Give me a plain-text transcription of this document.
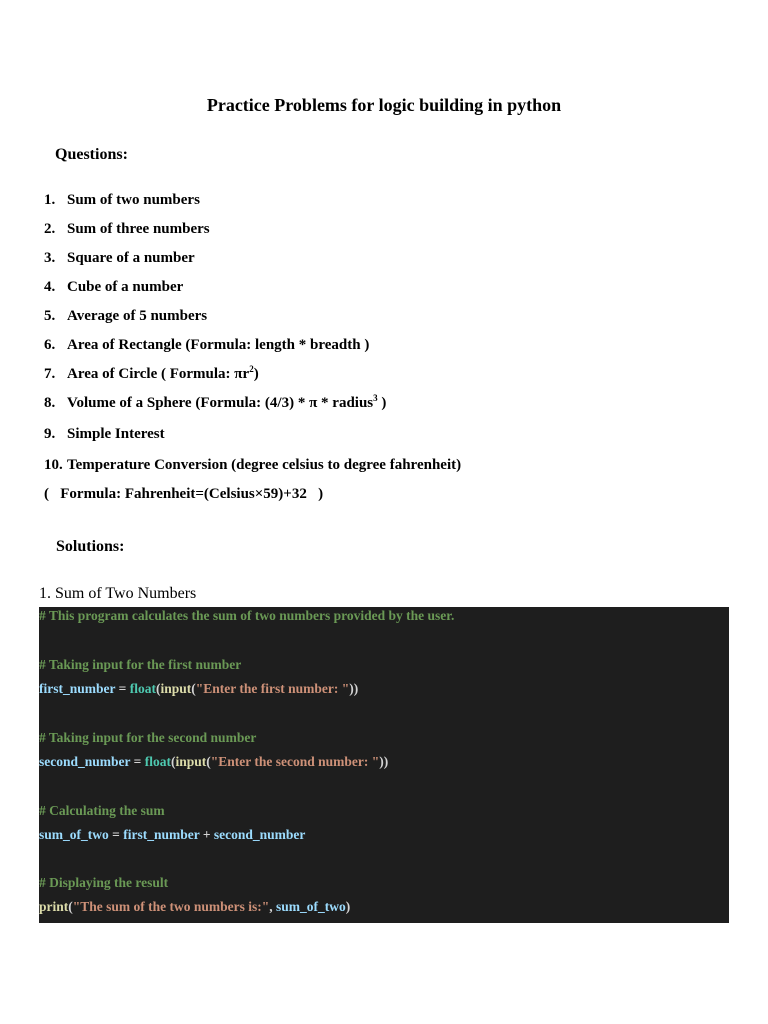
Practice Problems for logic building in python
Questions:
1. Sum of two numbers
2. Sum of three numbers
3. Square of a number
4. Cube of a number
5. Average of 5 numbers
6. Area of Rectangle (Formula: length * breadth )
7. Area of Circle ( Formula: $\pi r^2$)
8. Volume of a Sphere (Formula: (4/3) * π * radius$^3$ )
9. Simple Interest
10. Temperature Conversion (degree celsius to degree fahrenheit)
(   Formula: Fahrenheit=(Celsius×59)+32   )
Solutions:
1. Sum of Two Numbers
# This program calculates the sum of two numbers provided by the user.
# Taking input for the first number
first_number = float(input("Enter the first number: "))
# Taking input for the second number
second_number = float(input("Enter the second number: "))
# Calculating the sum
sum_of_two = first_number + second_number
# Displaying the result
print("The sum of the two numbers is:", sum_of_two)
